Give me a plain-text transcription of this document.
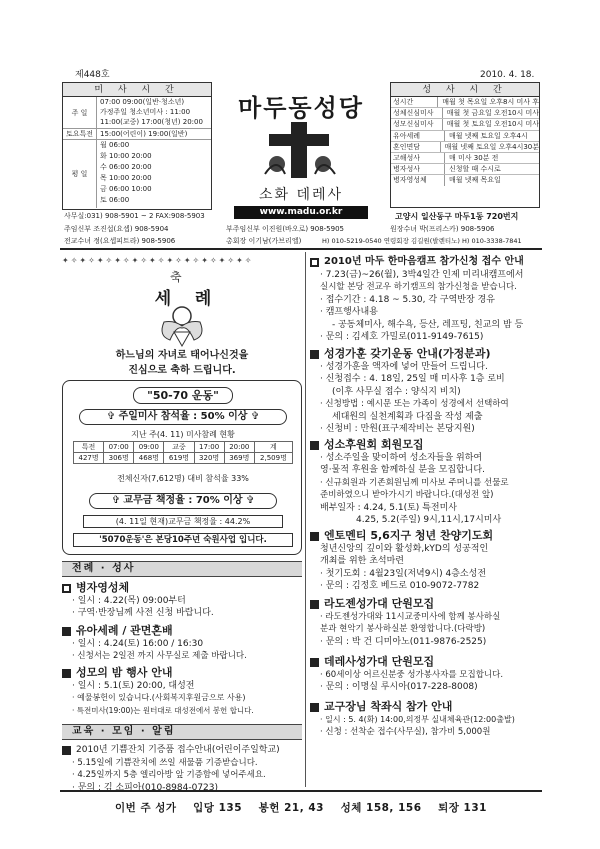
제448호	2010. 4. 18.
미 사 시 간
주 일
07:00 09:00(일반·청소년)
가정주일 청소년미사 : 11:00
11:00(교중) 17:00(청년) 20:00
토요특전 15:00(어린이) 19:00(일반)
평 일
월 06:00
화 10:00 20:00
수 06:00 20:00
목 10:00 20:00
금 06:00 10:00
토 06:00
마두동성당
소화 데레사
www.madu.or.kr
성 사 시 간
성시간	매월 첫 목요일 오후8시 미사 후
성체신심미사	매월 첫 금요일 오전10시 미사
성모신심미사	매월 첫 토요일 오전10시 미사
유아세례	매월 넷째 토요일 오후4시
혼인면담	매월 넷째 토요일 오후4시30분
고해성사	매 미사 30분 전
병자성사	신청할 때 수시로
병자영성체	매월 넷째 목요일
고양시 일산동구 마두1동 720번지
사무실:031) 908-5901 ~ 2 FAX:908-5903
주임신부 조진섭(요셉) 908-5904	부주임신부 이진원(바오로) 908-5905	원장수녀 박(프리스카) 908-5906
전교수녀 정(요셉피트라) 908-5906	총회장 이기남(가브리엘)	H) 010-5219-0540 연령회장 김길원(발렌티노) H) 010-3338-7841
✦✧✦✧✦✧✦✧✦✧✦✧✦✧✦✧✦✧✦✧✦✧
축
세    례
하느님의 자녀로 태어나신것을
진심으로 축하 드립니다.
"50-70 운동"
✞ 주일미사 참석율 : 50% 이상 ✞
지난 주(4. 11) 미사참례 현황
특전	07:00	09:00	교중	17:00	20:00	계
427명	306명	468명	619명	320명	369명	2,509명
전체신자(7,612명) 대비 참석율 33%
✞ 교무금 책정율 : 70% 이상 ✞
(4. 11일 현재)교무금 책정율 : 44.2%
'5070운동'은 본당10주년 숙원사업 입니다.
전례 · 성사
병자영성체
· 일시 : 4.22(목) 09:00부터
· 구역·반장님께 사전 신청 바랍니다.
유아세례 / 관면혼배
· 일시 : 4.24(토) 16:00 / 16:30
· 신청서는 2일전 까지 사무실로 제출 바랍니다.
성모의 밤 행사 안내
· 일시 : 5.1(토) 20:00, 대성전
· 예물봉헌이 있습니다.(사회복지후원금으로 사용)
· 특전미사(19:00)는 원터대로 대성전에서 봉헌 합니다.
교육 · 모임 · 알림
2010년 기쁨잔치 기증품 접수안내(어린이주일학교)
· 5.15일에 기쁨잔치에 쓰일 새물품 기증받습니다.
· 4.25일까지 5층 엘리아방 앞 기증함에 넣어주세요.
· 문의 : 김 소피아(010-8984-0723)
2010년 마두 한마음캠프 참가신청 접수 안내
· 7.23(금)~26(월), 3박4일간 인제 미리내캠프에서
실시할 본당 전교우 하기캠프의 참가신청을 받습니다.
· 접수기간 : 4.18 ~ 5.30, 각 구역반장 경유
· 캠프행사내용
- 공동체미사, 해수욕, 등산, 레프팅, 친교의 밤 등
· 문의 : 김세호 가밀로(011-9149-7615)
성경가훈 갖기운동 안내(가정분과)
· 성경가훈을 액자에 넣어 만들어 드립니다.
· 신청접수 : 4. 18일, 25일 매 미사후 1층 로비
(이후 사무실 접수 : 양식지 비치)
· 신청방법 : 예시문 또는 가족이 성경에서 선택하여
세대원의 실천계획과 다짐을 작성 제출
· 신청비 : 만원(표구제작비는 본당지원)
성소후원회 회원모집
· 성소주일을 맞이하여 성소자들을 위하여
영·물적 후원을 함께하실 분을 모집합니다.
· 신규회원과 기존회원님께 미사보 주머니를 선물로
준비하였으니 받아가시기 바랍니다.(대성전 앞)
배부일자 : 4.24, 5.1(토) 특전미사
4.25, 5.2(주일) 9시,11시,17시미사
엔토멘티 5,6지구 청년 찬양기도회
청년신앙의 깊이와 활성화,kYD의 성공적인
개최를 위한 초석마련
· 첫기도회 : 4월23일(저녁9시) 4층소성전
· 문의 : 김정호 베드로 010-9072-7782
라도젠성가대 단원모집
· 라도젠성가대와 11시교중미사에 함께 봉사하실
분과 현악기 봉사하실분 환영합니다.(다락방)
· 문의 : 박 건 디미아노(011-9876-2525)
데레사성가대 단원모집
· 60세이상 어르신분중 성가봉사자를 모집합니다.
· 문의 : 이명실 루시아(017-228-8008)
교구장님 착좌식 참가 안내
· 일시 : 5. 4(화) 14:00,의정부 실내체육관(12:00출발)
· 신청 : 선착순 접수(사무실), 참가비 5,000원
이번 주 성가    입당 135    봉헌 21, 43    성체 158, 156    퇴장 131
